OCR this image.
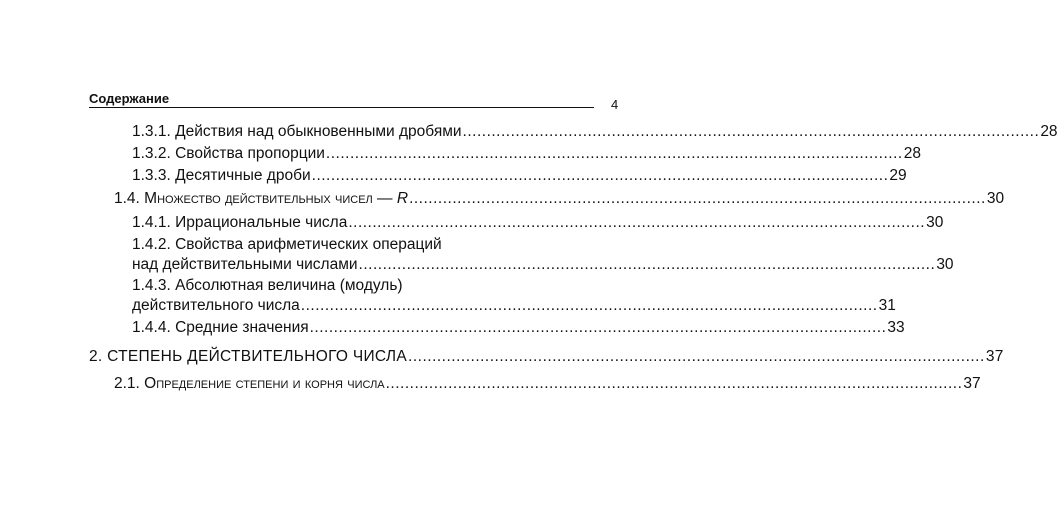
Содержание	4
1.3.1. Действия над обыкновенными дробями ........................................................................................................................ 28
1.3.2. Свойства пропорции ........................................................................................................................ 28
1.3.3. Десятичные дроби ........................................................................................................................ 29
1.4. Множество действительных чисел — R ........................................................................................................................ 30
1.4.1. Иррациональные числа ........................................................................................................................ 30
1.4.2. Свойства арифметических операций
над действительными числами ........................................................................................................................ 30
1.4.3. Абсолютная величина (модуль)
действительного числа ........................................................................................................................ 31
1.4.4. Средние значения ........................................................................................................................ 33
2. СТЕПЕНЬ ДЕЙСТВИТЕЛЬНОГО ЧИСЛА ........................................................................................................................ 37
2.1. Определение степени и корня числа ........................................................................................................................ 37
